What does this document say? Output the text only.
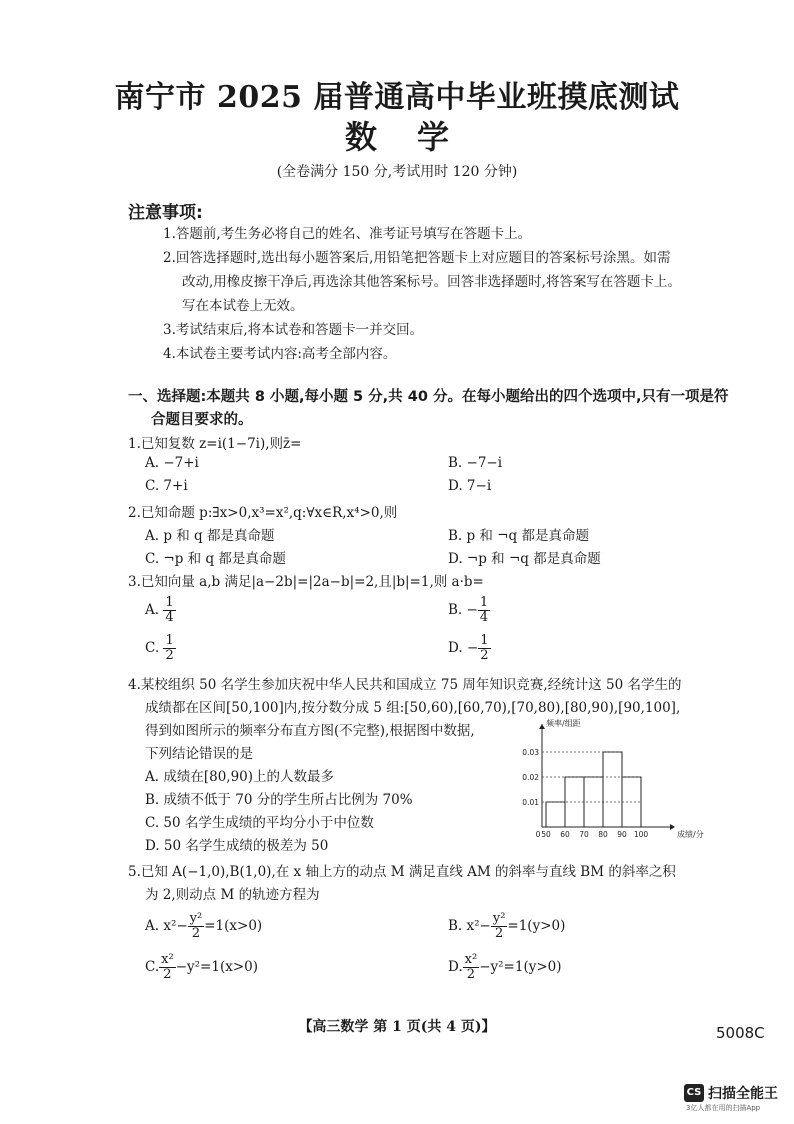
南宁市 2025 届普通高中毕业班摸底测试
数学
(全卷满分 150 分,考试用时 120 分钟)
注意事项:
1.答题前,考生务必将自己的姓名、准考证号填写在答题卡上。
2.回答选择题时,选出每小题答案后,用铅笔把答题卡上对应题目的答案标号涂黑。如需
改动,用橡皮擦干净后,再选涂其他答案标号。回答非选择题时,将答案写在答题卡上。
写在本试卷上无效。
3.考试结束后,将本试卷和答题卡一并交回。
4.本试卷主要考试内容:高考全部内容。
一、选择题:本题共 8 小题,每小题 5 分,共 40 分。在每小题给出的四个选项中,只有一项是符
合题目要求的。
1.已知复数 z=i(1−7i),则z̄=
A. −7+i	B. −7−i
C. 7+i	D. 7−i
2.已知命题 p:∃x>0,x³=x²,q:∀x∈R,x⁴>0,则
A. p 和 q 都是真命题	B. p 和 ¬q 都是真命题
C. ¬p 和 q 都是真命题	D. ¬p 和 ¬q 都是真命题
3.已知向量 a,b 满足|a−2b|=|2a−b|=2,且|b|=1,则 a·b=
A. $\frac{1}{4}$	B. − $\frac{1}{4}$
C. $\frac{1}{2}$	D. − $\frac{1}{2}$
4.某校组织 50 名学生参加庆祝中华人民共和国成立 75 周年知识竞赛,经统计这 50 名学生的
成绩都在区间[50,100]内,按分数分成 5 组:[50,60),[60,70),[70,80),[80,90),[90,100],
得到如图所示的频率分布直方图(不完整),根据图中数据,
下列结论错误的是
A. 成绩在[80,90)上的人数最多
B. 成绩不低于 70 分的学生所占比例为 70%
C. 50 名学生成绩的平均分小于中位数
D. 50 名学生成绩的极差为 50
0.01
0.02
0.03
50 60 70 80 90 100
0
频率/组距
成绩/分
5.已知 A(−1,0),B(1,0),在 x 轴上方的动点 M 满足直线 AM 的斜率与直线 BM 的斜率之积
为 2,则动点 M 的轨迹方程为
A. $x^2- \frac{\text{y²}}{2} =1(x>0)$	B. $x^2- \frac{\text{y²}}{2} =1(y>0)$
C. $\frac{\text{x²}}{2} -y^2=1(x>0)$	D. $\frac{\text{x²}}{2} -y^2=1(y>0)$
【高三数学 第 1 页(共 4 页)】	5008C
CS 扫描全能王
3亿人都在用的扫描App
